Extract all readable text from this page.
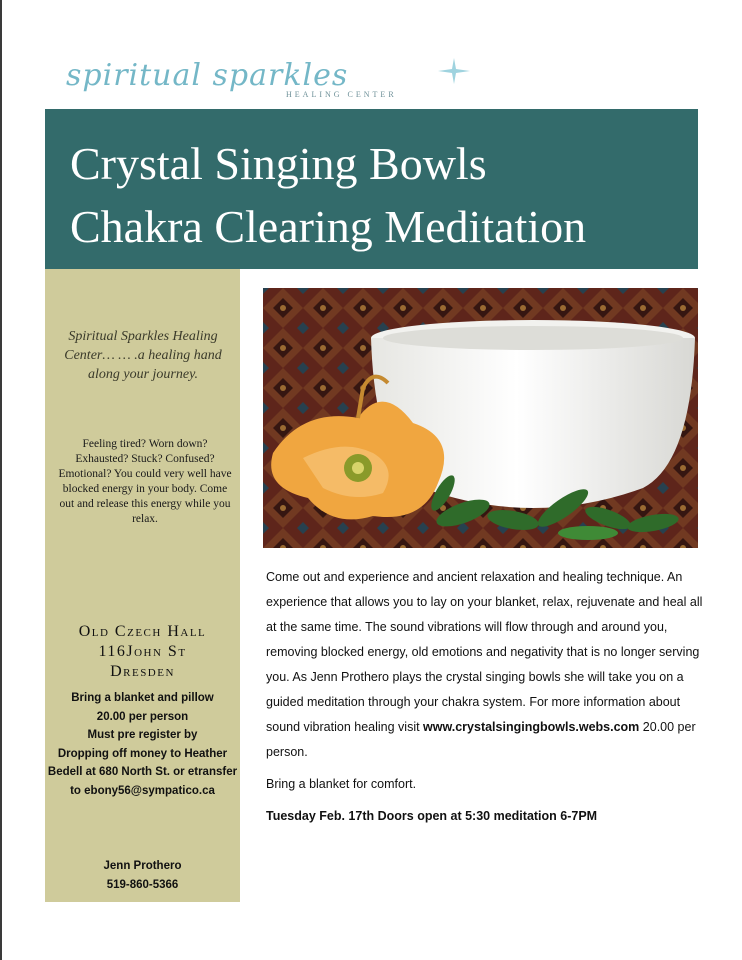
spiritual sparkles
HEALING CENTER
Crystal Singing Bowls
Chakra Clearing Meditation
Spiritual Sparkles Healing Center… … .a healing hand along your journey.
Feeling tired? Worn down? Exhausted? Stuck? Confused? Emotional? You could very well have blocked energy in your body. Come out and release this energy while you relax.
Old Czech Hall
116John St
Dresden
Bring a blanket and pillow
20.00 per person
Must pre register by
Dropping off money to Heather
Bedell at 680 North St. or etransfer
to ebony56@sympatico.ca
Jenn Prothero
519-860-5366
Come out and experience and ancient relaxation and healing technique. An experience that allows you to lay on your blanket, relax, rejuvenate and heal all at the same time. The sound vibrations will flow through and around you, removing blocked energy, old emotions and negativity that is no longer serving you. As Jenn Prothero plays the crystal singing bowls she will take you on a guided meditation through your chakra system. For more information about sound vibration healing visit www.crystalsingingbowls.webs.com 20.00 per person.
Bring a blanket for comfort.
Tuesday Feb. 17th Doors open at 5:30 meditation 6-7PM
